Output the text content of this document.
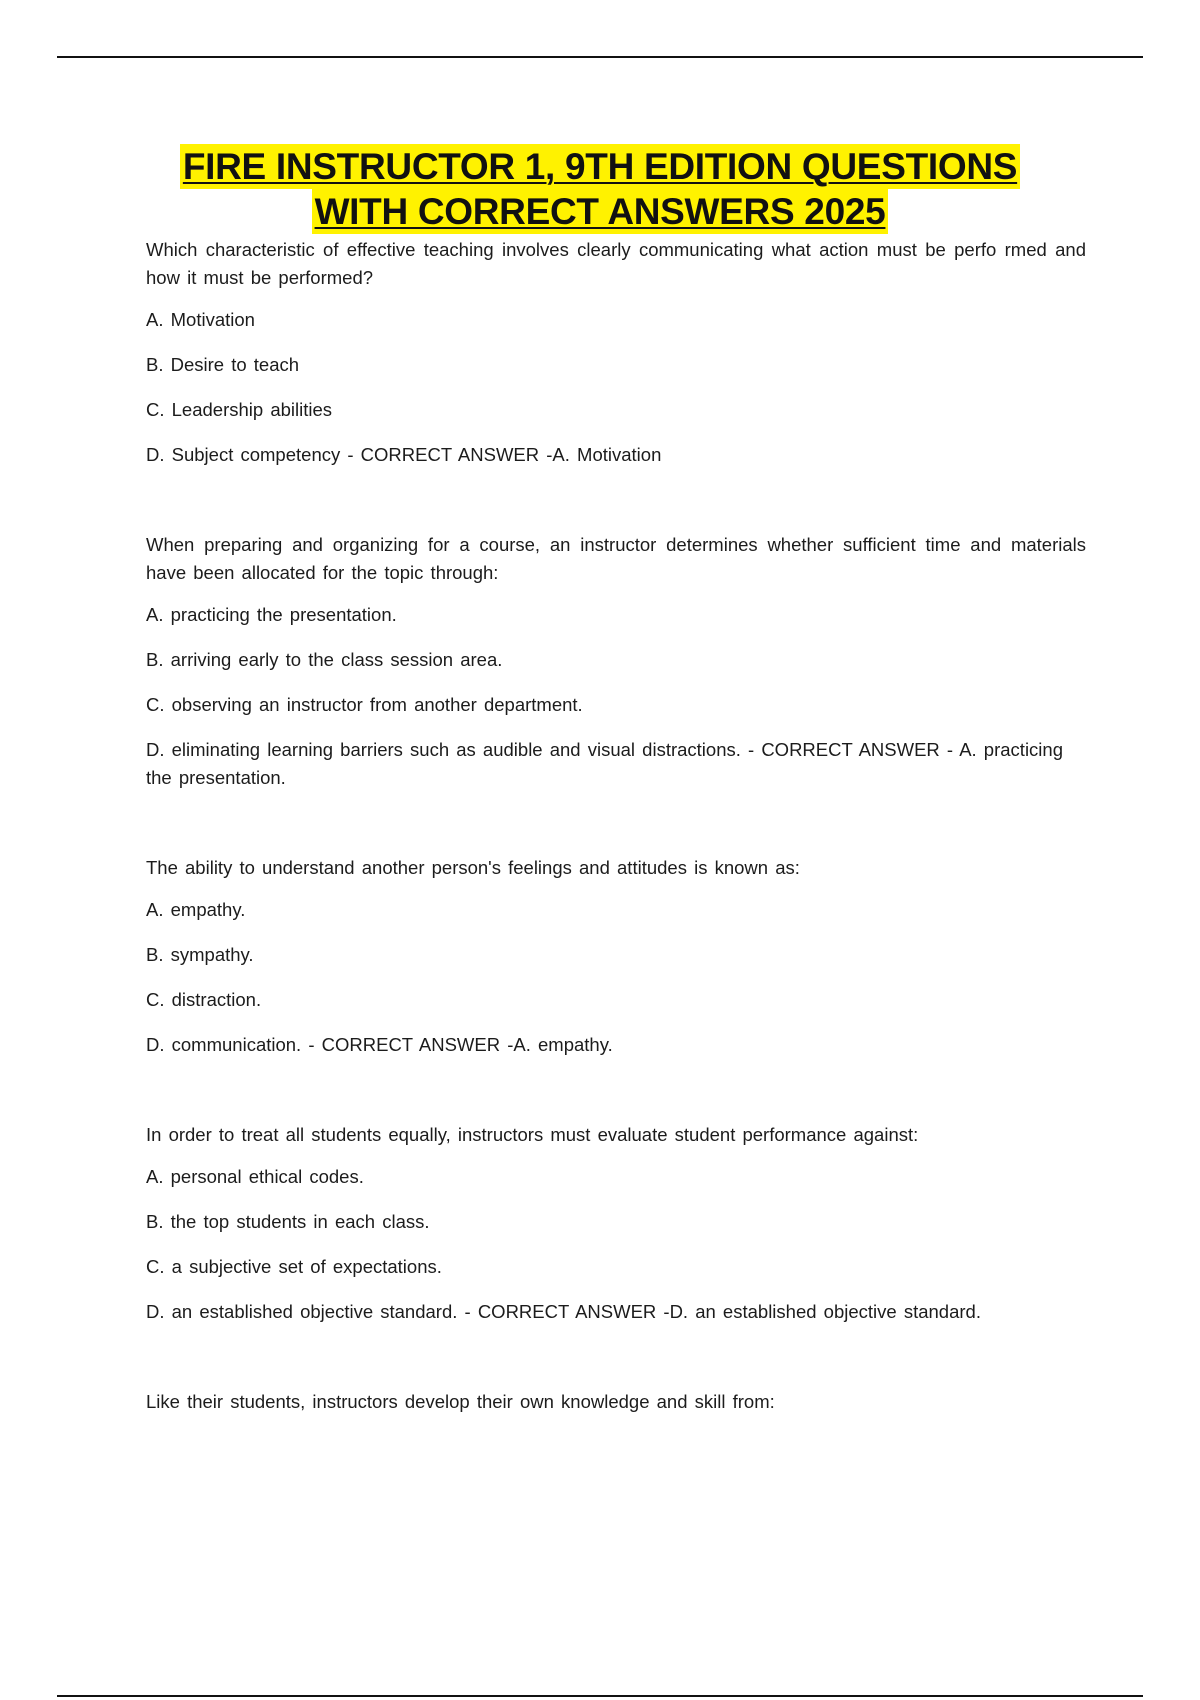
FIRE INSTRUCTOR 1, 9TH EDITION QUESTIONS
WITH CORRECT ANSWERS 2025
Which characteristic of effective teaching involves clearly communicating what action must be perfo rmed and how it must be performed?
A. Motivation
B. Desire to teach
C. Leadership abilities
D. Subject competency - CORRECT ANSWER -A. Motivation
When preparing and organizing for a course, an instructor determines whether sufficient time and materials have been allocated for the topic through:
A. practicing the presentation.
B. arriving early to the class session area.
C. observing an instructor from another department.
D. eliminating learning barriers such as audible and visual distractions. - CORRECT ANSWER - A. practicing the presentation.
The ability to understand another person's feelings and attitudes is known as:
A. empathy.
B. sympathy.
C. distraction.
D. communication. - CORRECT ANSWER -A. empathy.
In order to treat all students equally, instructors must evaluate student performance against:
A. personal ethical codes.
B. the top students in each class.
C. a subjective set of expectations.
D. an established objective standard. - CORRECT ANSWER -D. an established objective standard.
Like their students, instructors develop their own knowledge and skill from:
